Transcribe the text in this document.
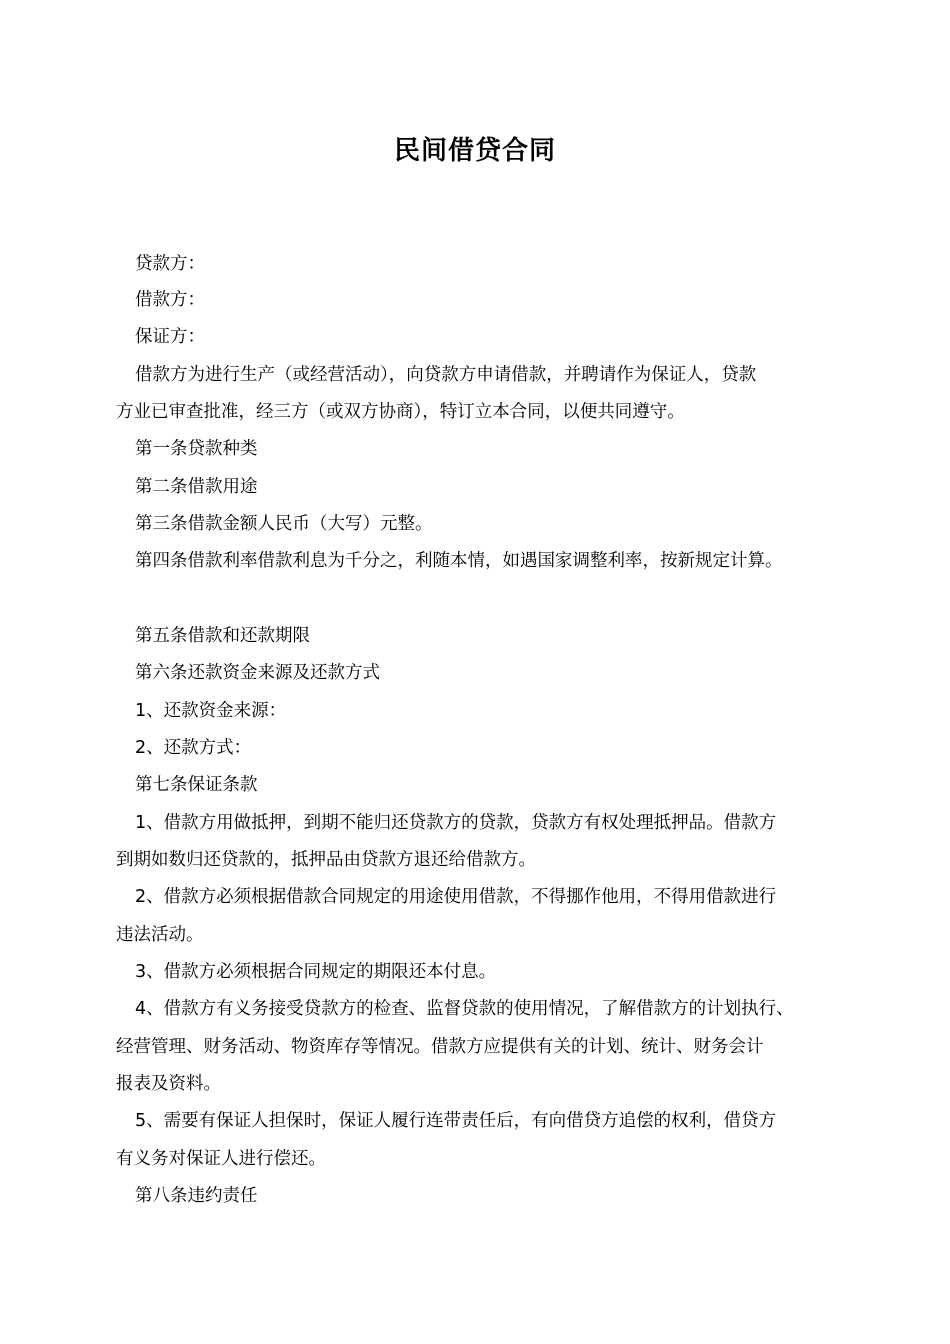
民间借贷合同
贷款方：
借款方：
保证方：
借款方为进行生产（或经营活动），向贷款方申请借款，并聘请作为保证人，贷款
方业已审查批准，经三方（或双方协商），特订立本合同，以便共同遵守。
第一条贷款种类
第二条借款用途
第三条借款金额人民币（大写）元整。
第四条借款利率借款利息为千分之，利随本情，如遇国家调整利率，按新规定计算。
第五条借款和还款期限
第六条还款资金来源及还款方式
1、还款资金来源：
2、还款方式：
第七条保证条款
1、借款方用做抵押，到期不能归还贷款方的贷款，贷款方有权处理抵押品。借款方
到期如数归还贷款的，抵押品由贷款方退还给借款方。
2、借款方必须根据借款合同规定的用途使用借款，不得挪作他用，不得用借款进行
违法活动。
3、借款方必须根据合同规定的期限还本付息。
4、借款方有义务接受贷款方的检查、监督贷款的使用情况，了解借款方的计划执行、
经营管理、财务活动、物资库存等情况。借款方应提供有关的计划、统计、财务会计
报表及资料。
5、需要有保证人担保时，保证人履行连带责任后，有向借贷方追偿的权利，借贷方
有义务对保证人进行偿还。
第八条违约责任
